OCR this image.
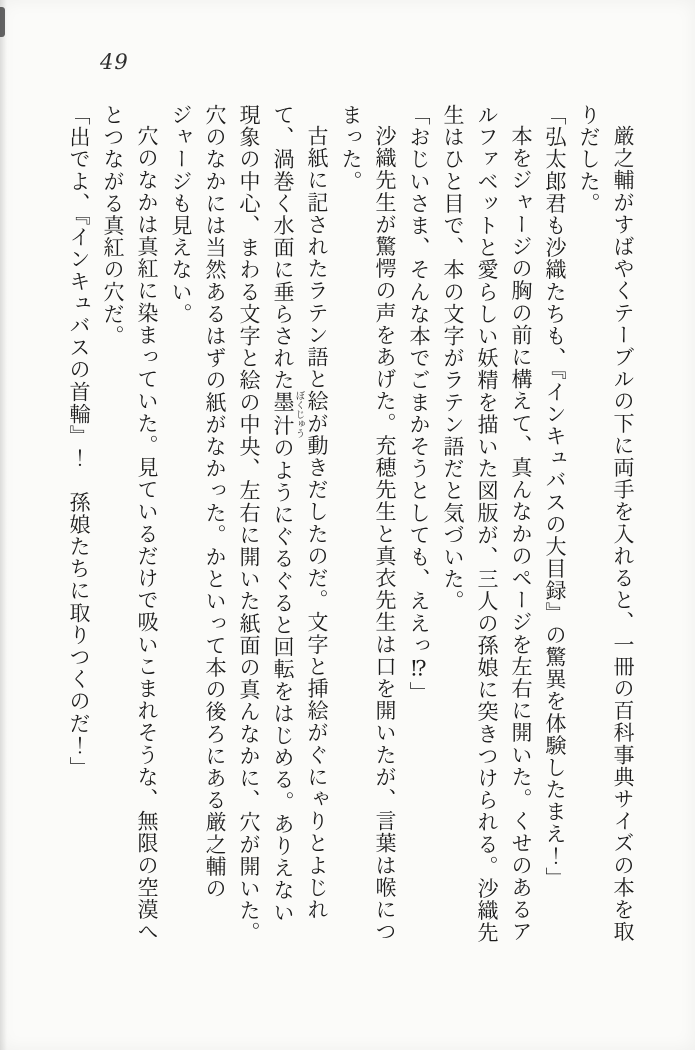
49

厳之輔がすばやくテーブルの下に両手を入れると、一冊の百科事典サイズの本を取りだした。

「弘太郎君も沙織たちも、『インキュバスの大目録』の驚異を体験したまえ！」

本をジャージの胸の前に構えて、真んなかのページを左右に開いた。くせのあるアルファベットと愛らしい妖精を描いた図版が、三人の孫娘に突きつけられる。沙織先生はひと目で、本の文字がラテン語だと気づいた。

「おじいさま、そんな本でごまかそうとしても、ええっ⁉」

沙織先生が驚愕の声をあげた。充穂先生と真衣先生は口を開いたが、言葉は喉につまった。

古紙に記されたラテン語と絵が動きだしたのだ。文字と挿絵がぐにゃりとよじれて、渦巻く水面に垂らされた墨汁ぼくじゅうのようにぐるぐると回転をはじめる。ありえない現象の中心、まわる文字と絵の中央、左右に開いた紙面の真んなかに、穴が開いた。穴のなかには当然あるはずの紙がなかった。かといって本の後ろにある厳之輔のジャージも見えない。

穴のなかは真紅に染まっていた。見ているだけで吸いこまれそうな、無限の空漠へとつながる真紅の穴だ。

「出でよ、『インキュバスの首輪』！　孫娘たちに取りつくのだ！」
